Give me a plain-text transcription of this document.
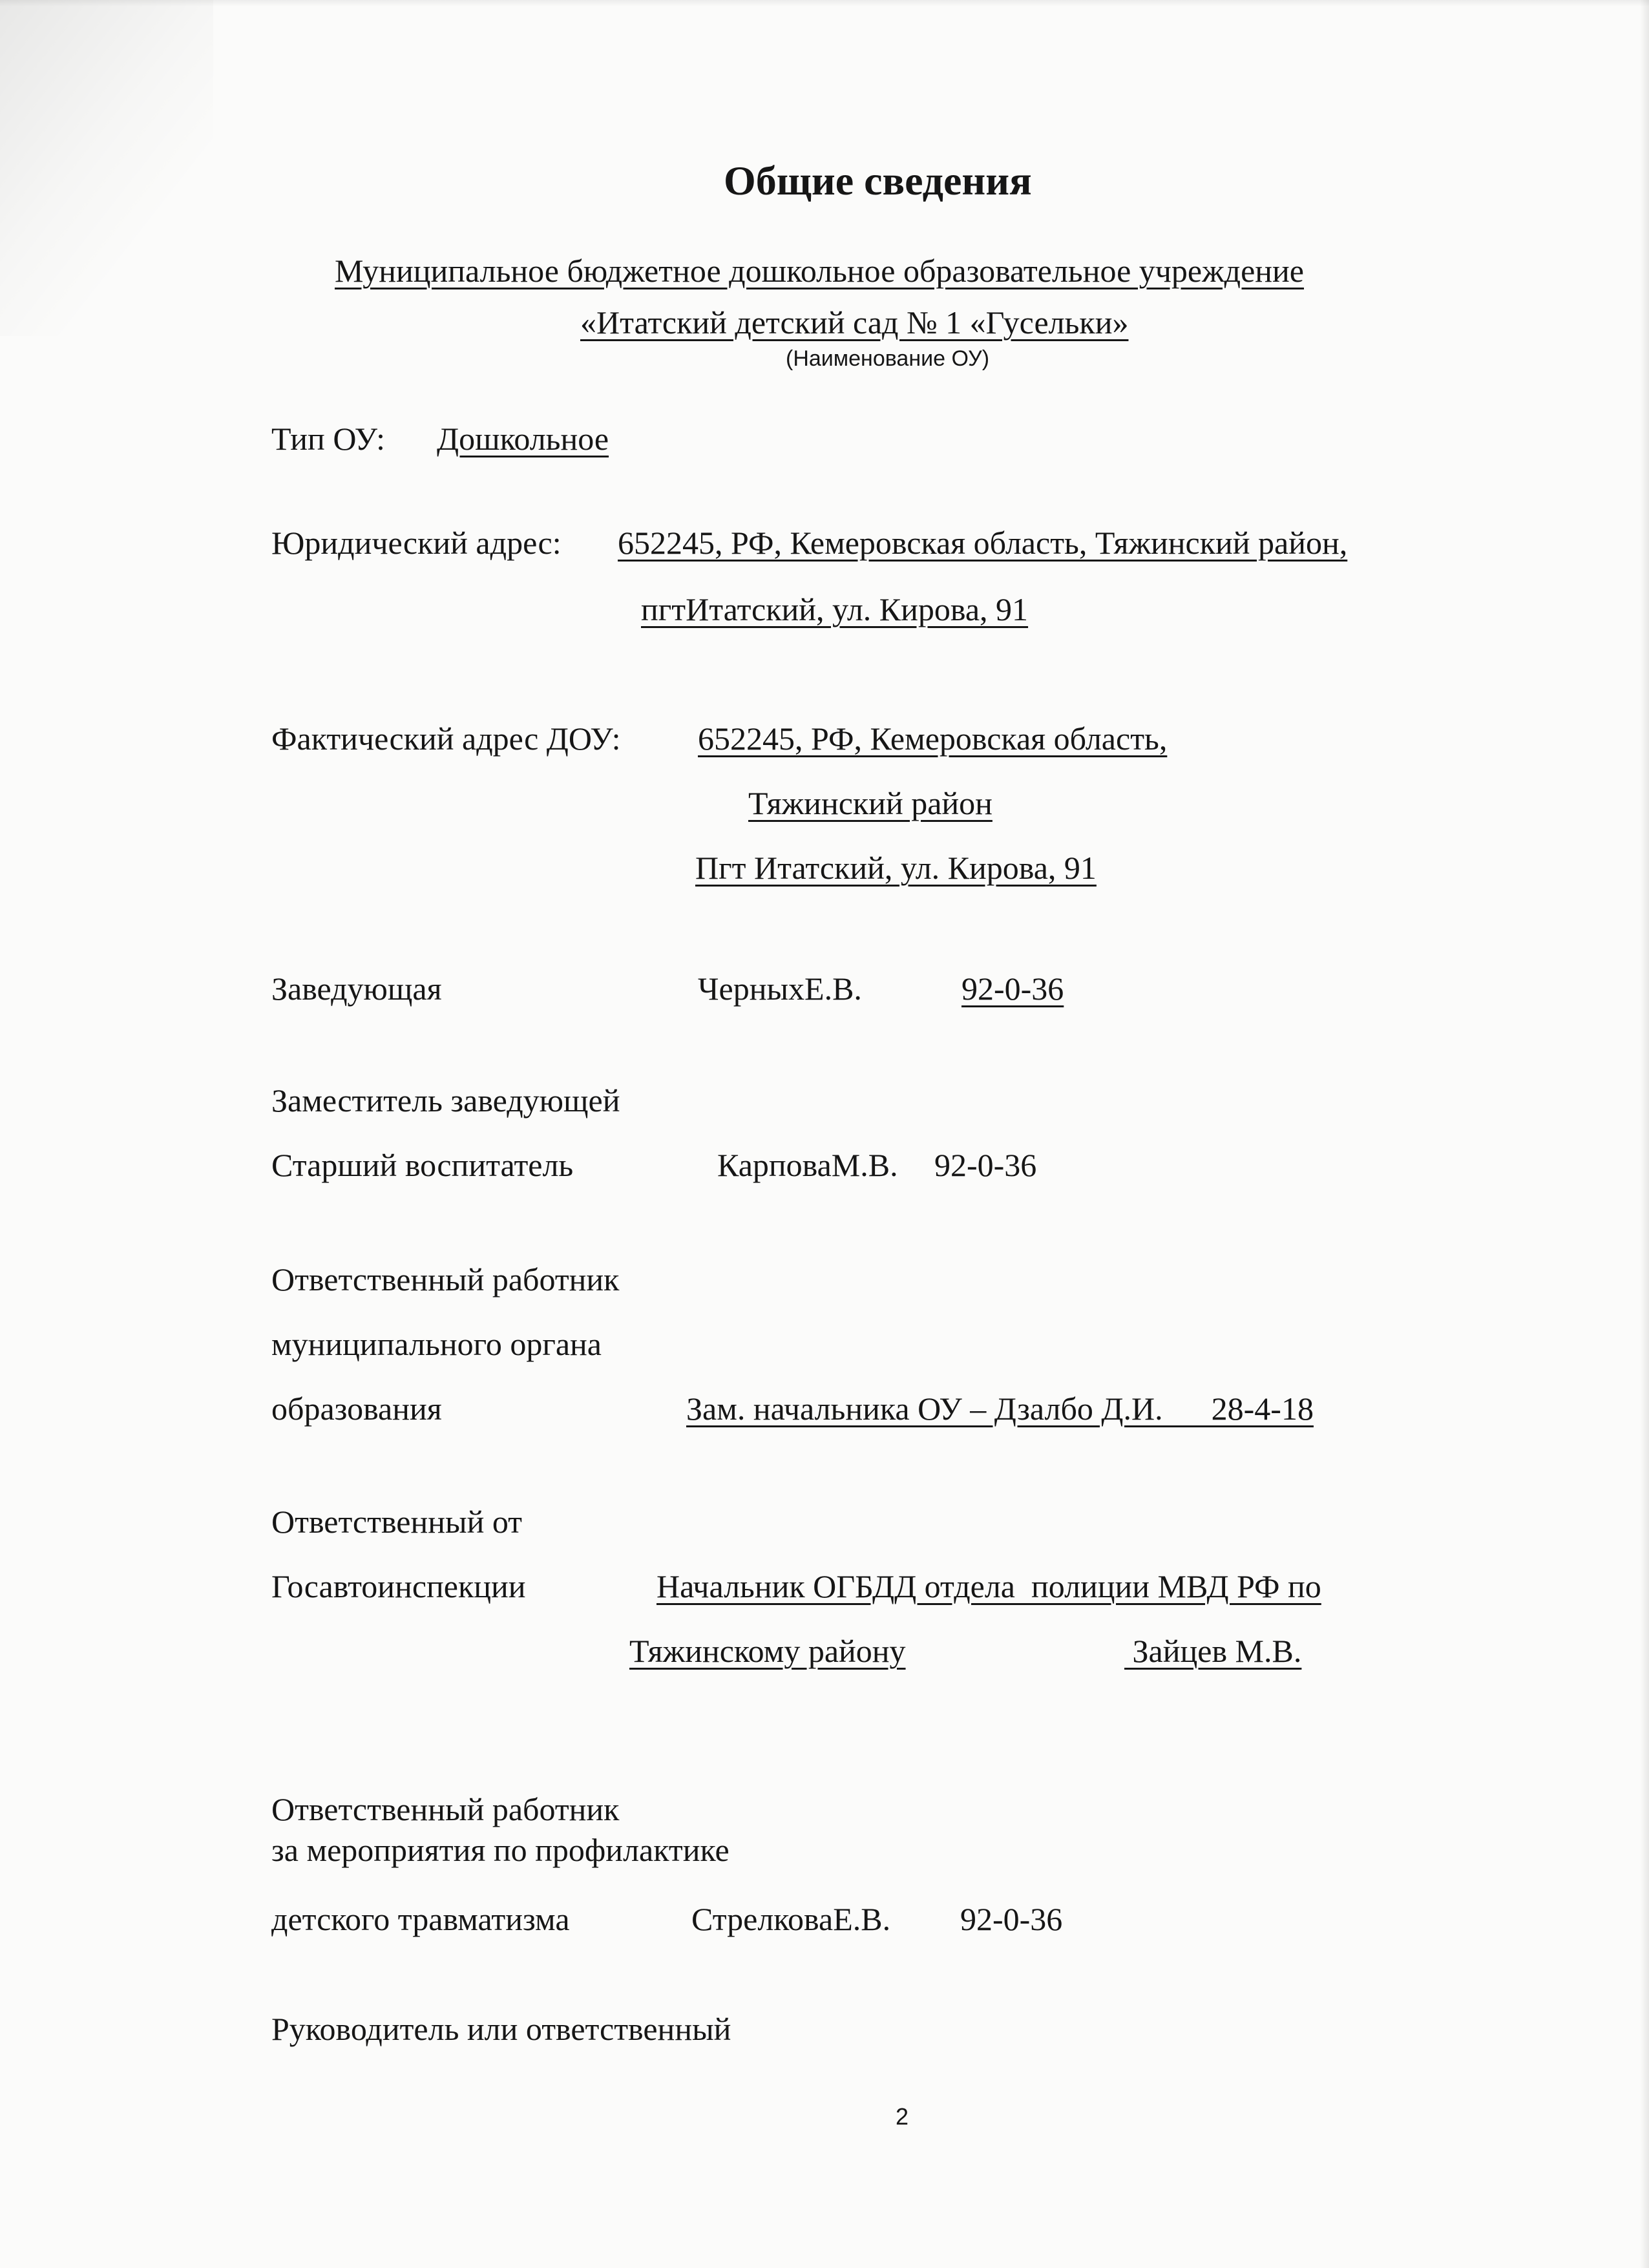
Общие сведения
Муниципальное бюджетное дошкольное образовательное учреждение
«Итатский детский сад № 1 «Гусельки»
(Наименование ОУ)
Тип ОУ: Дошкольное
Юридический адрес: 652245, РФ, Кемеровская область, Тяжинский район,
пгтИтатский, ул. Кирова, 91
Фактический адрес ДОУ: 652245, РФ, Кемеровская область,
Тяжинский район
Пгт Итатский, ул. Кирова, 91
Заведующая	ЧерныхЕ.В.	92-0-36
Заместитель заведующей
Старший воспитатель	КарповаМ.В. 92-0-36
Ответственный работник
муниципального органа
образования	Зам. начальника ОУ – Дзалбо Д.И.      28-4-18
Ответственный от
Госавтоинспекции	Начальник ОГБДД отдела  полиции МВД РФ по
Тяжинскому району	Зайцев М.В.
Ответственный работник
за мероприятия по профилактике
детского травматизма	СтрелковаЕ.В. 92-0-36
Руководитель или ответственный
2
